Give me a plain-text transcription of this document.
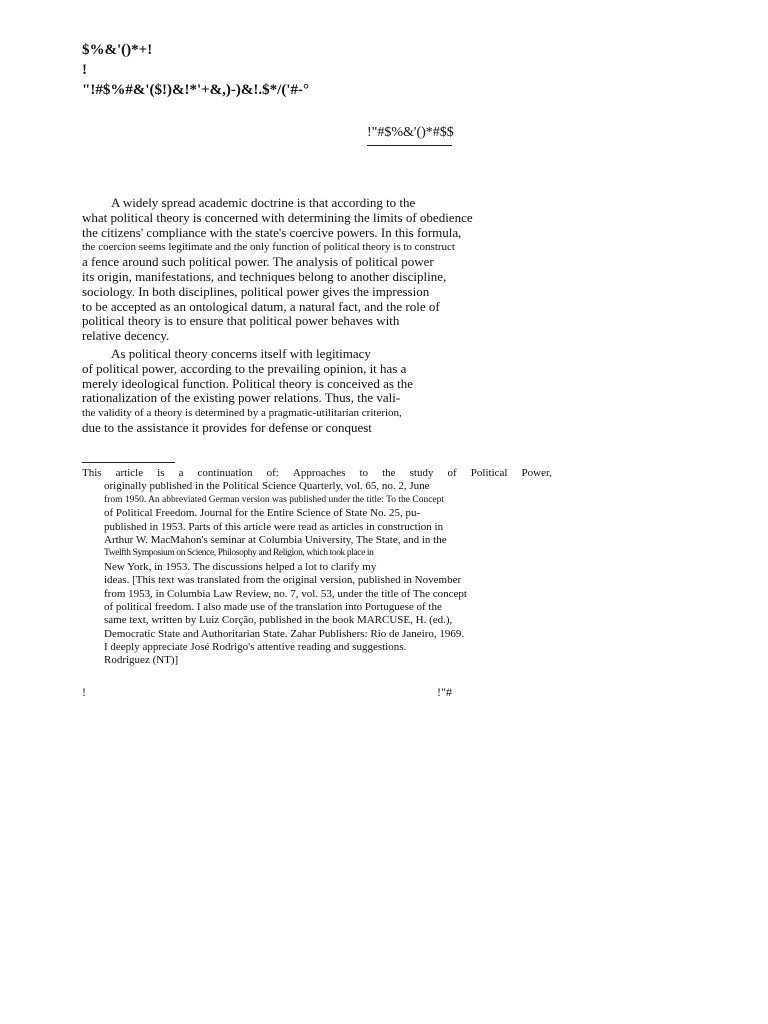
$%&'()*+!
!
"!#$%#&'($!)&!*'+&,)-)&!.$*/('#-°
!"#$%&'()*#$$
A widely spread academic doctrine is that according to the
what political theory is concerned with determining the limits of obedience
the citizens' compliance with the state's coercive powers. In this formula,
the coercion seems legitimate and the only function of political theory is to construct
a fence around such political power. The analysis of political power
its origin, manifestations, and techniques belong to another discipline,
sociology. In both disciplines, political power gives the impression
to be accepted as an ontological datum, a natural fact, and the role of
political theory is to ensure that political power behaves with
relative decency.
As political theory concerns itself with legitimacy
of political power, according to the prevailing opinion, it has a
merely ideological function. Political theory is conceived as the
rationalization of the existing power relations. Thus, the vali-
the validity of a theory is determined by a pragmatic-utilitarian criterion,
due to the assistance it provides for defense or conquest
This article is a continuation of: Approaches to the study of Political Power,
originally published in the Political Science Quarterly, vol. 65, no. 2, June
from 1950. An abbreviated German version was published under the title: To the Concept
of Political Freedom. Journal for the Entire Science of State No. 25, pu-
published in 1953. Parts of this article were read as articles in construction in
Arthur W. MacMahon's seminar at Columbia University, The State, and in the
Twelfth Symposium on Science, Philosophy and Religion, which took place in
New York, in 1953. The discussions helped a lot to clarify my
ideas. [This text was translated from the original version, published in November
from 1953, in Columbia Law Review, no. 7, vol. 53, under the title of The concept
of political freedom. I also made use of the translation into Portuguese of the
same text, written by Luiz Corção, published in the book MARCUSE, H. (ed.),
Democratic State and Authoritarian State. Zahar Publishers: Rio de Janeiro, 1969.
I deeply appreciate José Rodrigo's attentive reading and suggestions.
Rodriguez (NT)]
!	!"#
